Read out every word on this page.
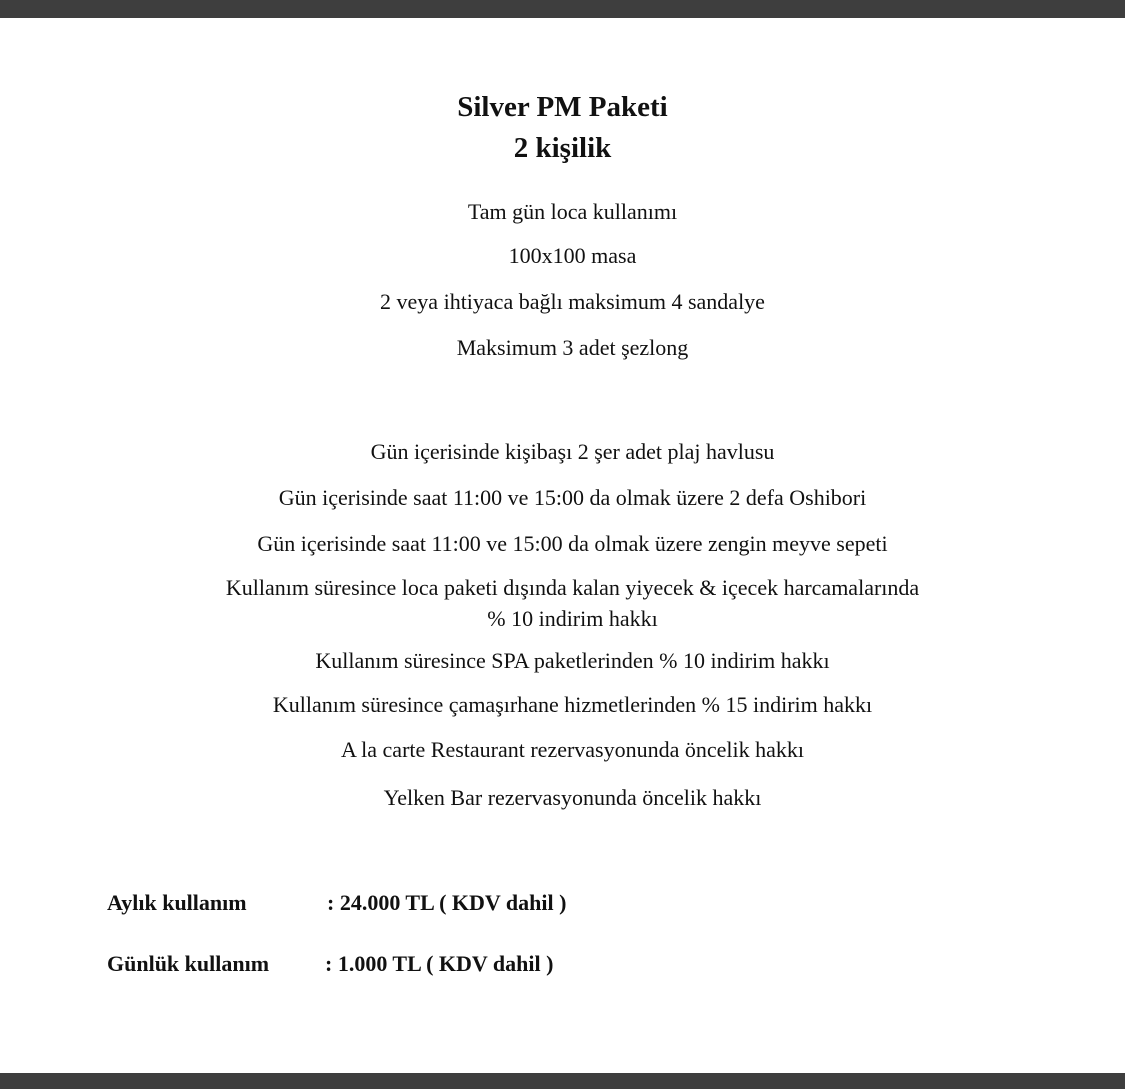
Silver PM Paketi
2 kişilik
Tam gün loca kullanımı
100x100 masa
2 veya ihtiyaca bağlı maksimum 4 sandalye
Maksimum 3 adet şezlong
Gün içerisinde kişibaşı 2 şer adet plaj havlusu
Gün içerisinde saat 11:00 ve 15:00 da olmak üzere 2 defa Oshibori
Gün içerisinde saat 11:00 ve 15:00 da olmak üzere zengin meyve sepeti
Kullanım süresince loca paketi dışında kalan yiyecek & içecek harcamalarında
% 10 indirim hakkı
Kullanım süresince SPA paketlerinden % 10 indirim hakkı
Kullanım süresince çamaşırhane hizmetlerinden % 15 indirim hakkı
A la carte Restaurant rezervasyonunda öncelik hakkı
Yelken Bar rezervasyonunda öncelik hakkı
Aylık kullanım	: 24.000 TL ( KDV dahil )
Günlük kullanım	: 1.000 TL ( KDV dahil )
